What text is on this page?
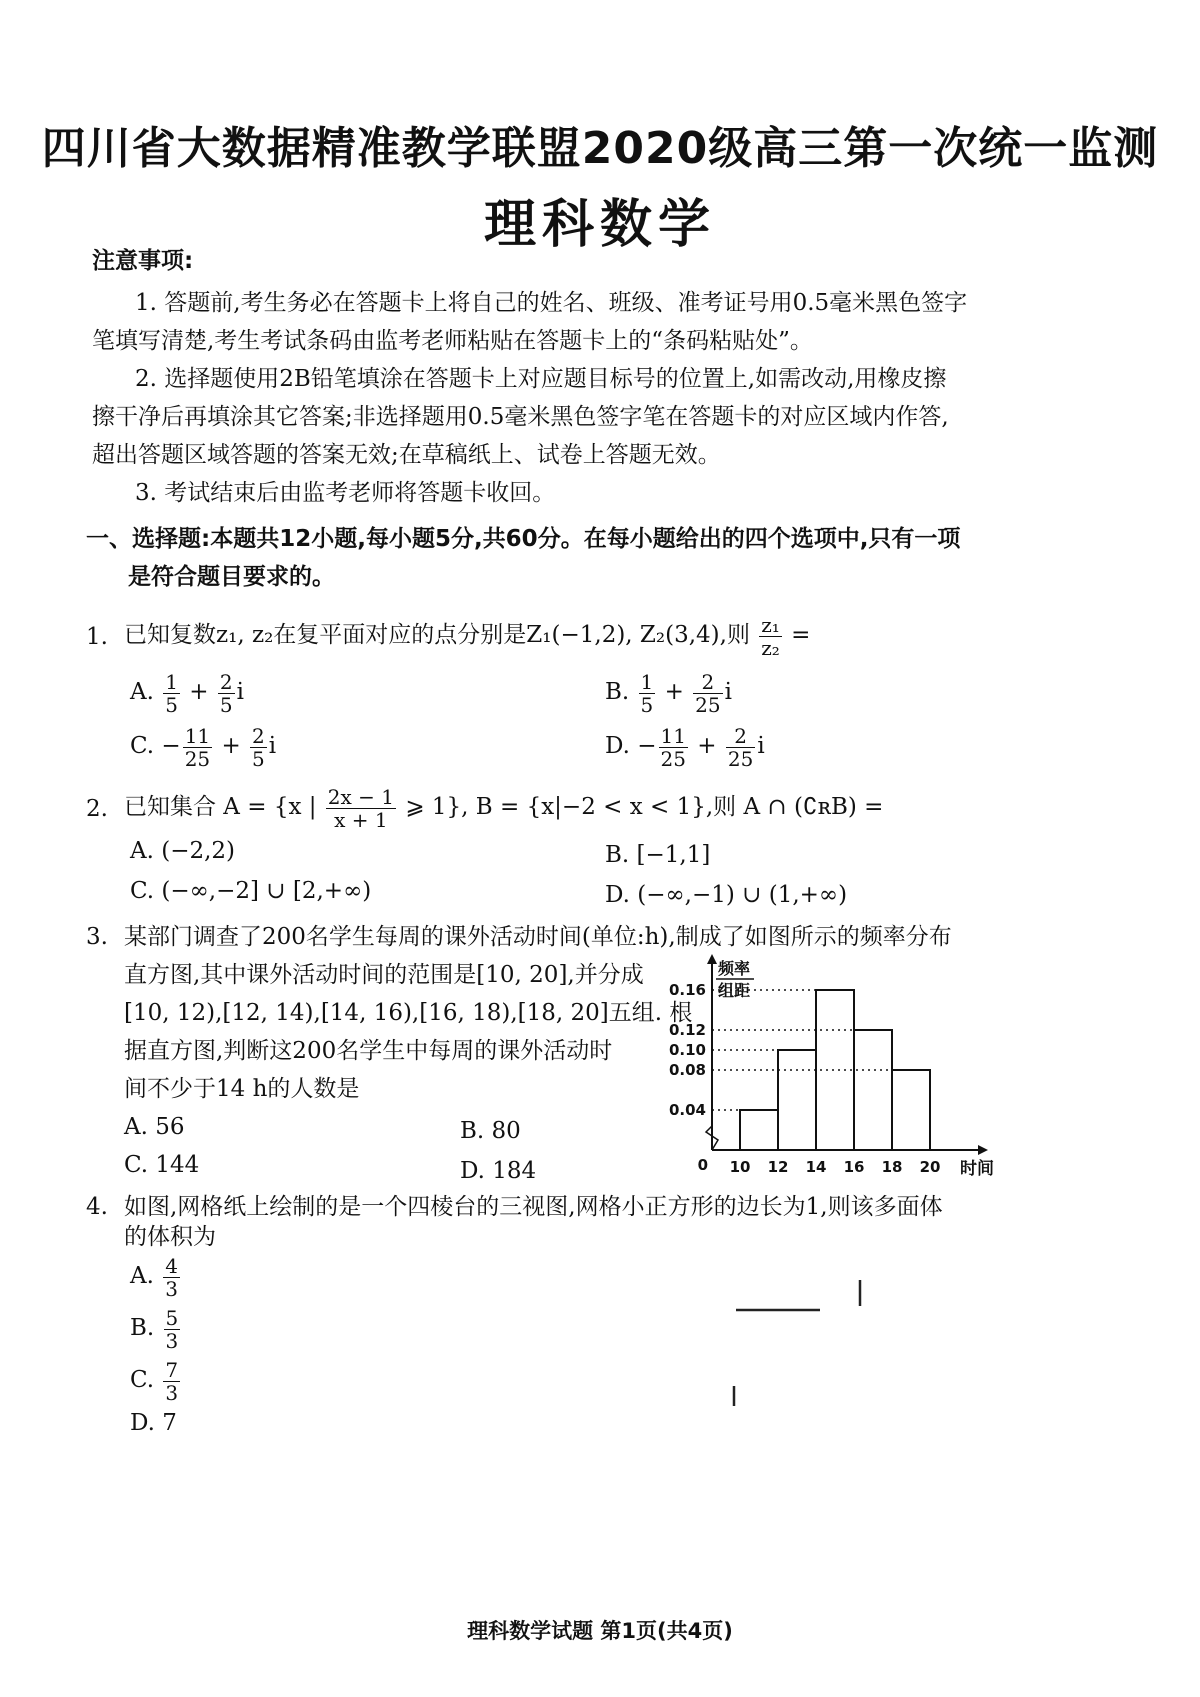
四川省大数据精准教学联盟2020级高三第一次统一监测
理科数学
注意事项:
1. 答题前,考生务必在答题卡上将自己的姓名、班级、准考证号用0.5毫米黑色签字
笔填写清楚,考生考试条码由监考老师粘贴在答题卡上的“条码粘贴处”。
2. 选择题使用2B铅笔填涂在答题卡上对应题目标号的位置上,如需改动,用橡皮擦
擦干净后再填涂其它答案;非选择题用0.5毫米黑色签字笔在答题卡的对应区域内作答,
超出答题区域答题的答案无效;在草稿纸上、试卷上答题无效。
3. 考试结束后由监考老师将答题卡收回。
一、选择题:本题共12小题,每小题5分,共60分。在每小题给出的四个选项中,只有一项
是符合题目要求的。
1. 已知复数z₁, z₂在复平面对应的点分别是Z₁(−1,2), Z₂(3,4),则 $\frac{\text{z₁}}{\text{z₂}}$ =
A. $\frac{1}{5} + \frac{2}{5}$ i	B. $\frac{1}{5} + \frac{2}{25}$ i
C. − $\frac{11}{25} + \frac{2}{5}$ i	D. − $\frac{11}{25} + \frac{2}{25}$ i
2. 已知集合 A = {x | $\frac{2x - 1}{x + 1}$ ⩾ 1}, B = {x|−2 < x < 1},则 A ∩ (∁ʀB) =
A. (−2,2)	B. [−1,1]
C. (−∞,−2] ∪ [2,+∞)	D. (−∞,−1) ∪ (1,+∞)
3. 某部门调查了200名学生每周的课外活动时间(单位:h),制成了如图所示的频率分布
直方图,其中课外活动时间的范围是[10, 20],并分成
[10, 12),[12, 14),[14, 16),[16, 18),[18, 20]五组. 根
据直方图,判断这200名学生中每周的课外活动时
间不少于14 h的人数是
A. 56	B. 80
C. 144	D. 184
0.04
0.08
0.10
0.12
0.16
10 12 14 16 18 20
0	时间
频率
组距
4. 如图,网格纸上绘制的是一个四棱台的三视图,网格小正方形的边长为1,则该多面体
的体积为
A. $\frac{4}{3}$
B. $\frac{5}{3}$
C. $\frac{7}{3}$
D. 7
理科数学试题 第1页(共4页)
